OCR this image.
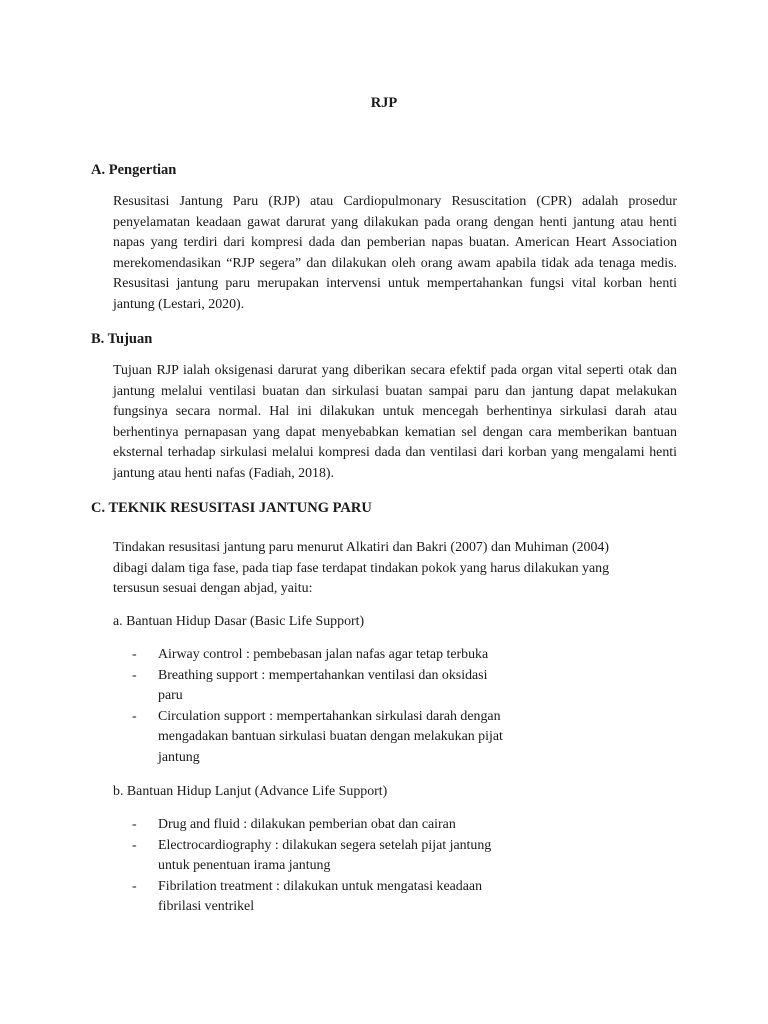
RJP
A. Pengertian

Resusitasi Jantung Paru (RJP) atau Cardiopulmonary Resuscitation (CPR) adalah prosedur penyelamatan keadaan gawat darurat yang dilakukan pada orang dengan henti jantung atau henti napas yang terdiri dari kompresi dada dan pemberian napas buatan. American Heart Association merekomendasikan “RJP segera” dan dilakukan oleh orang awam apabila tidak ada tenaga medis. Resusitasi jantung paru merupakan intervensi untuk mempertahankan fungsi vital korban henti jantung (Lestari, 2020).

B. Tujuan

Tujuan RJP ialah oksigenasi darurat yang diberikan secara efektif pada organ vital seperti otak dan jantung melalui ventilasi buatan dan sirkulasi buatan sampai paru dan jantung dapat melakukan fungsinya secara normal. Hal ini dilakukan untuk mencegah berhentinya sirkulasi darah atau berhentinya pernapasan yang dapat menyebabkan kematian sel dengan cara memberikan bantuan eksternal terhadap sirkulasi melalui kompresi dada dan ventilasi dari korban yang mengalami henti jantung atau henti nafas (Fadiah, 2018).

C. TEKNIK RESUSITASI JANTUNG PARU

Tindakan resusitasi jantung paru menurut Alkatiri dan Bakri (2007) dan Muhiman (2004)
dibagi dalam tiga fase, pada tiap fase terdapat tindakan pokok yang harus dilakukan yang
tersusun sesuai dengan abjad, yaitu:

a. Bantuan Hidup Dasar (Basic Life Support)
-	Airway control : pembebasan jalan nafas agar tetap terbuka
-	Breathing support : mempertahankan ventilasi dan oksidasi
paru
-	Circulation support : mempertahankan sirkulasi darah dengan
mengadakan bantuan sirkulasi buatan dengan melakukan pijat
jantung
b. Bantuan Hidup Lanjut (Advance Life Support)
-	Drug and fluid : dilakukan pemberian obat dan cairan
-	Electrocardiography : dilakukan segera setelah pijat jantung
untuk penentuan irama jantung
-	Fibrilation treatment : dilakukan untuk mengatasi keadaan
fibrilasi ventrikel
